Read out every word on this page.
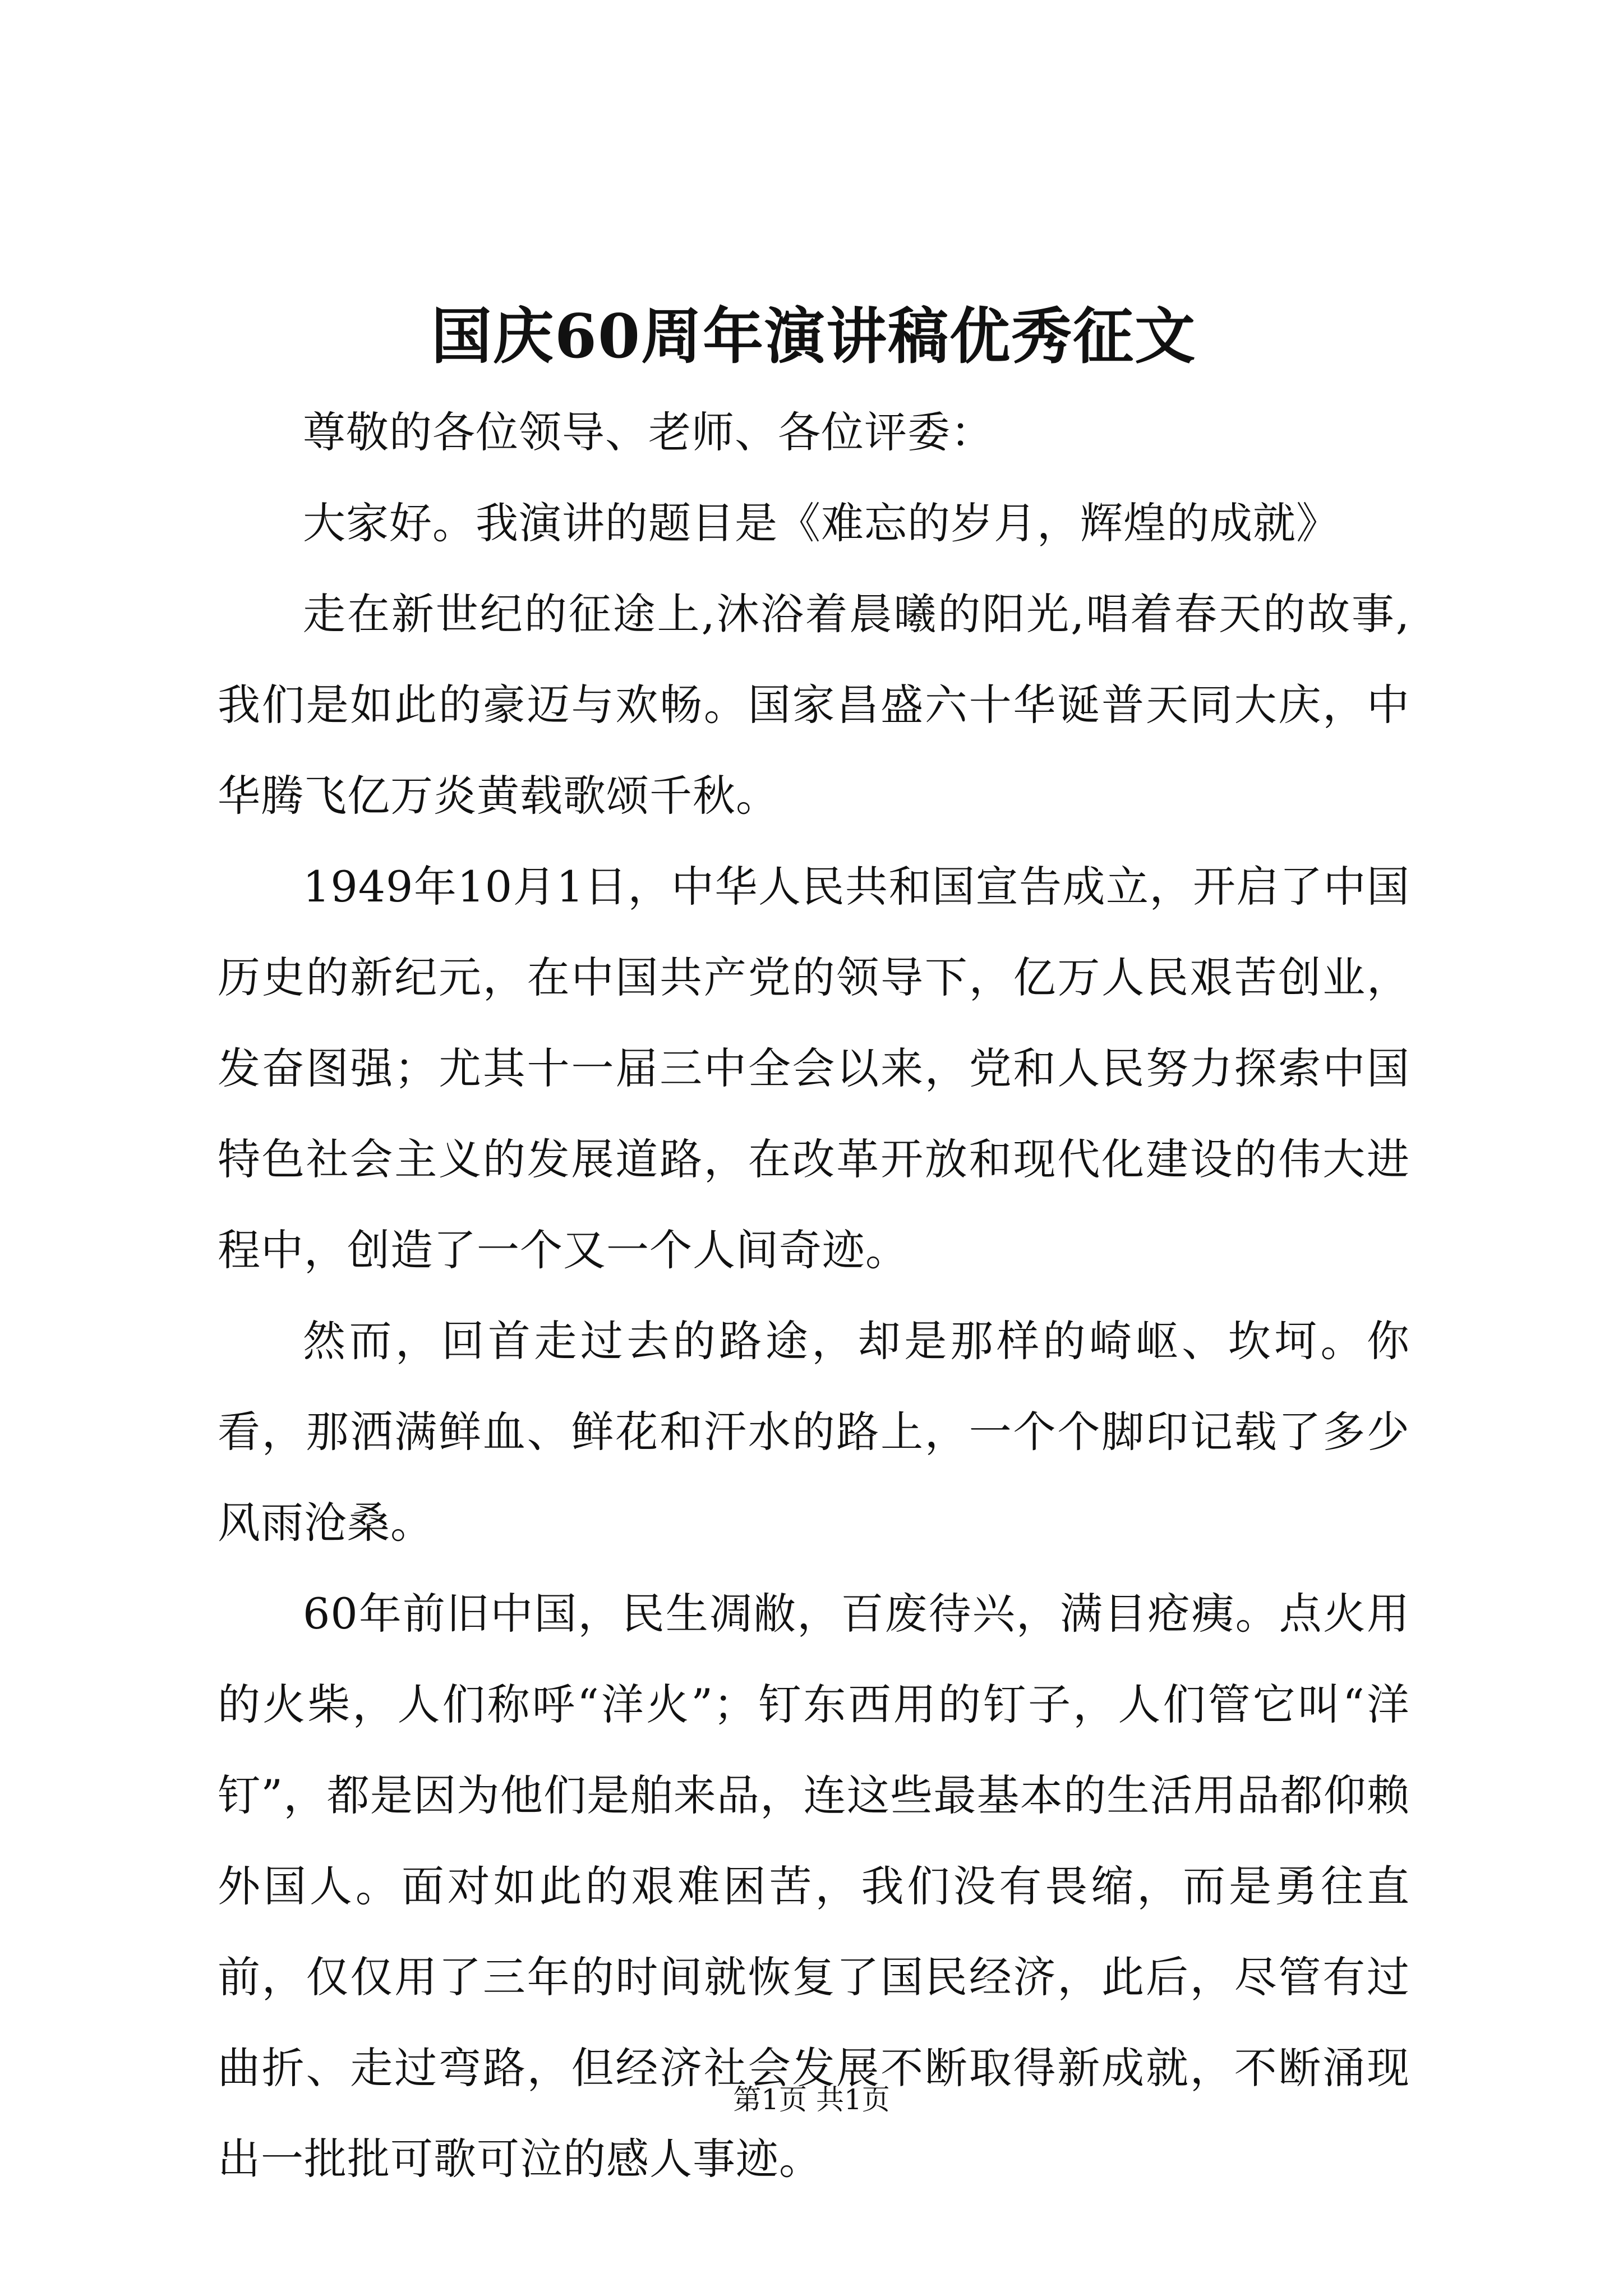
国庆60周年演讲稿优秀征文

尊敬的各位领导、老师、各位评委：

大家好。我演讲的题目是《难忘的岁月，辉煌的成就》

走在新世纪的征途上,沐浴着晨曦的阳光,唱着春天的故事,我们是如此的豪迈与欢畅。国家昌盛六十华诞普天同大庆，中华腾飞亿万炎黄载歌颂千秋。

1949年10月1日，中华人民共和国宣告成立，开启了中国历史的新纪元，在中国共产党的领导下，亿万人民艰苦创业，发奋图强；尤其十一届三中全会以来，党和人民努力探索中国特色社会主义的发展道路，在改革开放和现代化建设的伟大进程中，创造了一个又一个人间奇迹。

然而，回首走过去的路途，却是那样的崎岖、坎坷。你看，那洒满鲜血、鲜花和汗水的路上，一个个脚印记载了多少风雨沧桑。

60年前旧中国，民生凋敝，百废待兴，满目疮痍。点火用的火柴，人们称呼“洋火”；钉东西用的钉子，人们管它叫“洋钉”，都是因为他们是舶来品，连这些最基本的生活用品都仰赖外国人。面对如此的艰难困苦，我们没有畏缩，而是勇往直前，仅仅用了三年的时间就恢复了国民经济，此后，尽管有过曲折、走过弯路，但经济社会发展不断取得新成就，不断涌现出一批批可歌可泣的感人事迹。

第1页 共1页
